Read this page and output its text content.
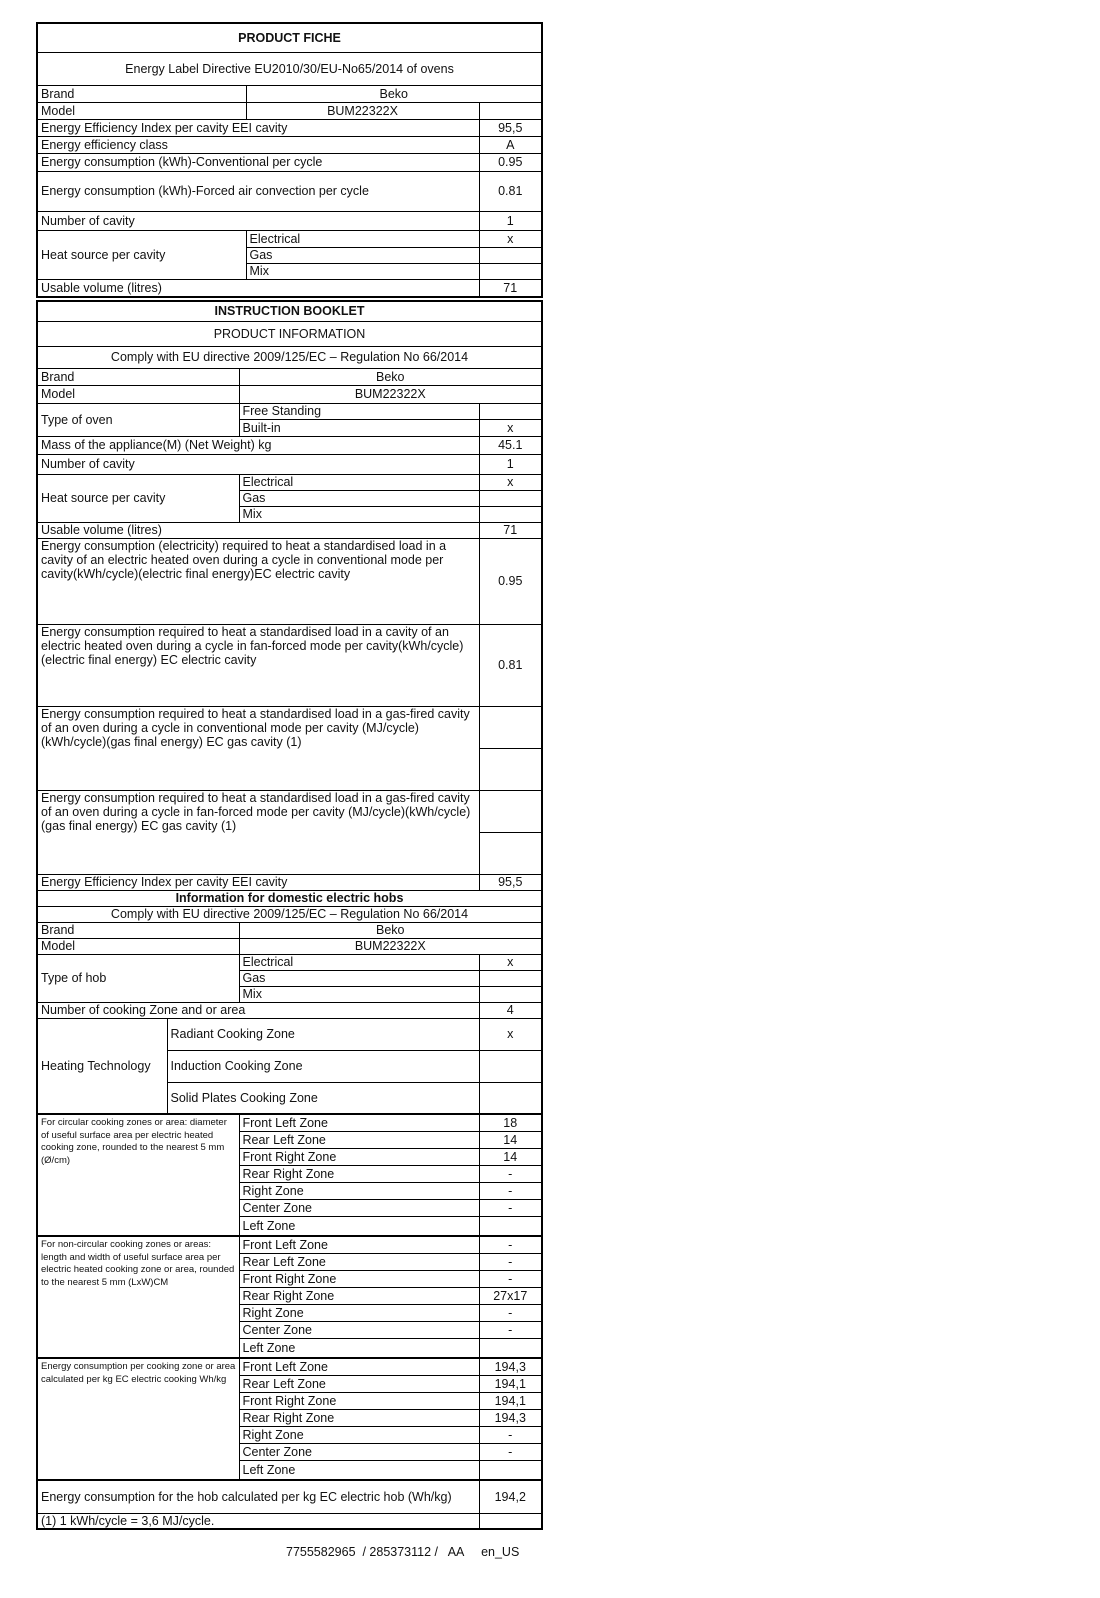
PRODUCT FICHE		
Energy Label Directive EU2010/30/EU-No65/2014 of ovens		
Brand	Beko	
Model	BUM22322X	
Energy Efficiency Index per cavity EEI cavity		95,5
Energy efficiency class		A
Energy consumption (kWh)-Conventional per cycle		0.95
Energy consumption (kWh)-Forced air convection per cycle		0.81
Number of cavity		1
Heat source per cavity	Electrical	x
	Gas	
	Mix	
Usable volume (litres)		71
INSTRUCTION BOOKLET			
PRODUCT INFORMATION			
Comply with EU directive 2009/125/EC – Regulation No 66/2014			
Brand		Beko	
Model		BUM22322X	
Type of oven		Free Standing	
		Built-in	x
Mass of the appliance(M) (Net Weight) kg			45.1
Number of cavity			1
Heat source per cavity		Electrical	x
		Gas	
		Mix	
Usable volume (litres)			71
Energy consumption (electricity) required to heat a standardised load in a cavity of an electric heated oven during a cycle in conventional mode per cavity(kWh/cycle)(electric final energy)EC electric cavity			0.95
Energy consumption required to heat a standardised load in a cavity of an electric heated oven during a cycle in fan-forced mode per cavity(kWh/cycle)(electric final energy) EC electric cavity			0.81
Energy consumption required to heat a standardised load in a gas-fired cavity of an oven during a cycle in conventional mode per cavity (MJ/cycle)(kWh/cycle)(gas final energy) EC gas cavity (1)			

Energy consumption required to heat a standardised load in a gas-fired cavity of an oven during a cycle in fan-forced mode per cavity (MJ/cycle)(kWh/cycle)(gas final energy) EC gas cavity (1)			

Energy Efficiency Index per cavity EEI cavity			95,5
Information for domestic electric hobs			
Comply with EU directive 2009/125/EC – Regulation No 66/2014			
Brand		Beko	
Model		BUM22322X	
Type of hob		Electrical	x
		Gas	
		Mix	
Number of cooking Zone and or area			4
Heating Technology	Radiant Cooking Zone		x
	Induction Cooking Zone		
	Solid Plates Cooking Zone		
For circular cooking zones or area: diameter of useful surface area per electric heated cooking zone, rounded to the nearest 5 mm (Ø/cm)		Front Left Zone	18
		Rear Left Zone	14
		Front Right Zone	14
		Rear Right Zone	-
		Right Zone	-
		Center Zone	-
		Left Zone	
For non-circular cooking zones or areas: length and width of useful surface area per electric heated cooking zone or area, rounded to the nearest 5 mm (LxW)CM		Front Left Zone	-
		Rear Left Zone	-
		Front Right Zone	-
		Rear Right Zone	27x17
		Right Zone	-
		Center Zone	-
		Left Zone	
Energy consumption per cooking zone or area calculated per kg EC electric cooking Wh/kg		Front Left Zone	194,3
		Rear Left Zone	194,1
		Front Right Zone	194,1
		Rear Right Zone	194,3
		Right Zone	-
		Center Zone	-
		Left Zone	
Energy consumption for the hob calculated per kg EC electric hob (Wh/kg)			194,2
(1) 1 kWh/cycle = 3,6 MJ/cycle.			
7755582965  / 285373112 /   AA     en_US
